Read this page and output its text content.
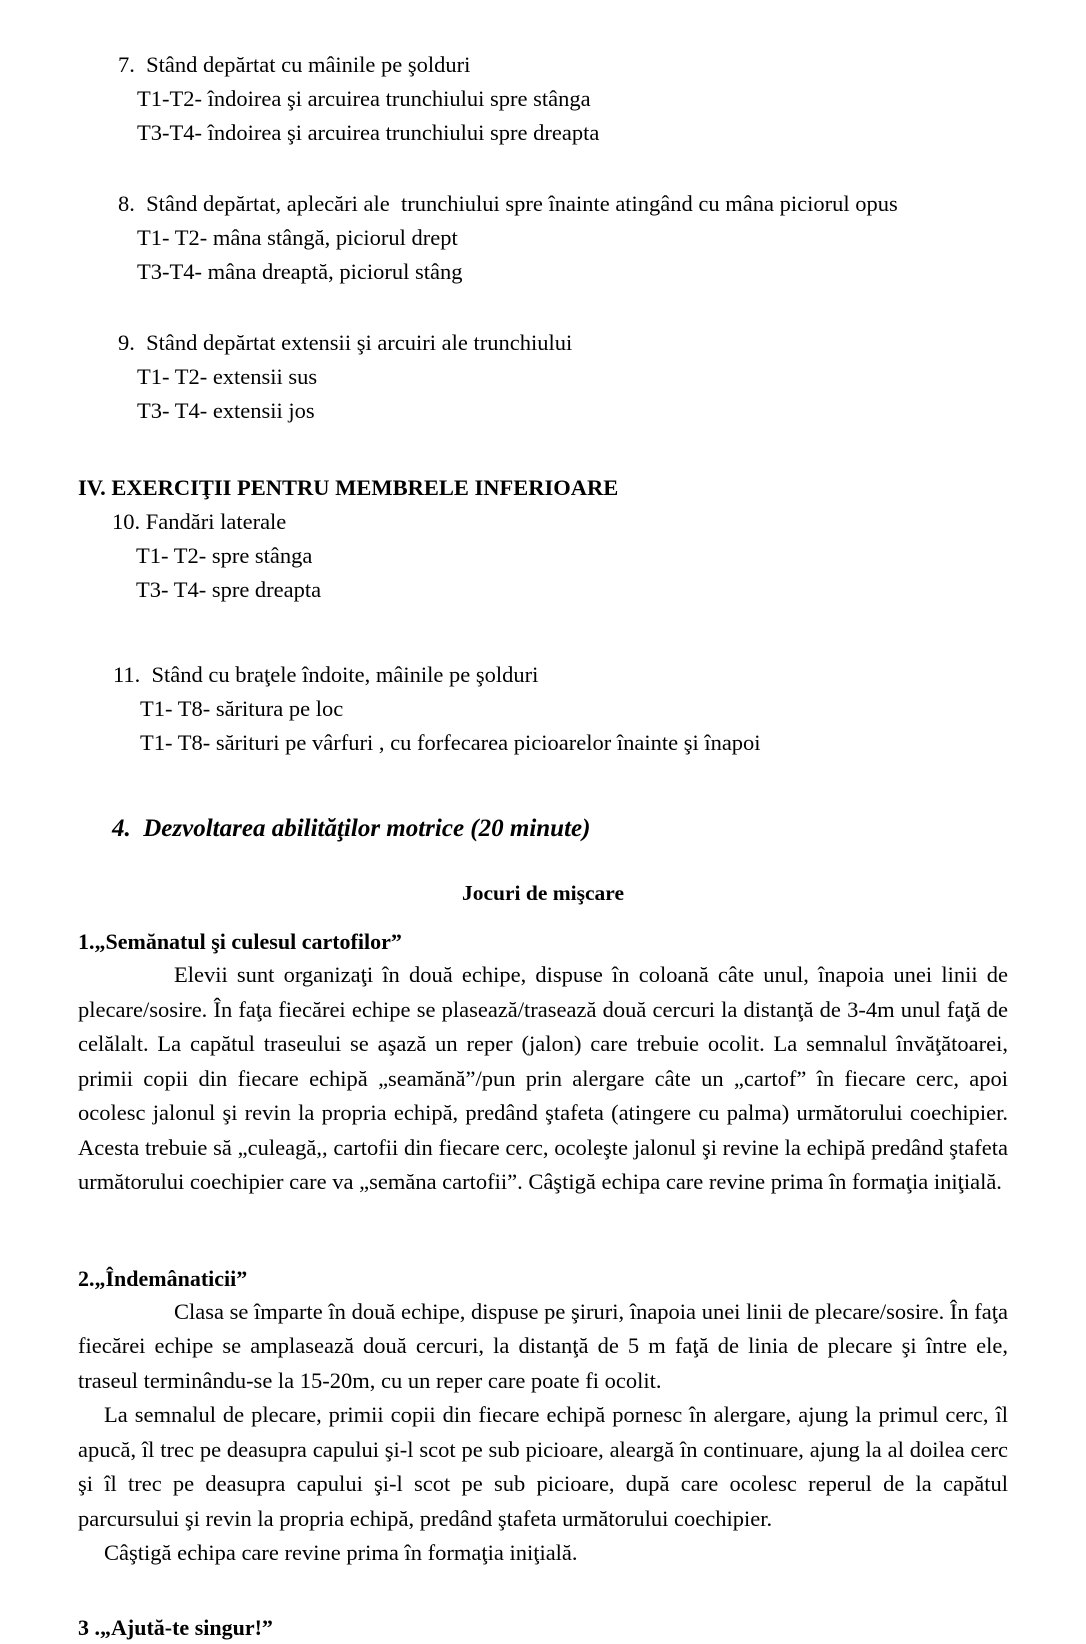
7.  Stând depărtat cu mâinile pe şolduri
T1-T2- îndoirea şi arcuirea trunchiului spre stânga
T3-T4- îndoirea şi arcuirea trunchiului spre dreapta
8.  Stând depărtat, aplecări ale  trunchiului spre înainte atingând cu mâna piciorul opus
T1- T2- mâna stângă, piciorul drept
T3-T4- mâna dreaptă, piciorul stâng
9.  Stând depărtat extensii şi arcuiri ale trunchiului
T1- T2- extensii sus
T3- T4- extensii jos
IV. EXERCIŢII PENTRU MEMBRELE INFERIOARE
10. Fandări laterale
T1- T2- spre stânga
T3- T4- spre dreapta
11.  Stând cu braţele îndoite, mâinile pe şolduri
T1- T8- săritura pe loc
T1- T8- sărituri pe vârfuri , cu forfecarea picioarelor înainte şi înapoi
4.  Dezvoltarea abilităţilor motrice (20 minute)
Jocuri de mişcare
1.„Semănatul şi culesul cartofilor”
Elevii sunt organizaţi în două echipe, dispuse în coloană câte unul, înapoia unei linii de plecare/sosire. În faţa fiecărei echipe se plasează/trasează două cercuri la distanţă de 3-4m unul faţă de celălalt. La capătul traseului se aşază un reper (jalon) care trebuie ocolit. La semnalul învăţătoarei, primii copii din fiecare echipă „seamănă”/pun prin alergare câte un „cartof” în fiecare cerc, apoi ocolesc jalonul şi revin la propria echipă, predând ştafeta (atingere cu palma) următorului coechipier. Acesta trebuie să „culeagă,, cartofii din fiecare cerc, ocoleşte jalonul şi revine la echipă predând ştafeta următorului coechipier care va „semăna cartofii”. Câştigă echipa care revine prima în formaţia iniţială.
2.„Îndemânaticii”
Clasa se împarte în două echipe, dispuse pe şiruri, înapoia unei linii de plecare/sosire. În faţa fiecărei echipe se amplasează două cercuri, la distanţă de 5 m faţă de linia de plecare şi între ele, traseul terminându-se la 15-20m, cu un reper care poate fi ocolit.
La semnalul de plecare, primii copii din fiecare echipă pornesc în alergare, ajung la primul cerc, îl apucă, îl trec pe deasupra capului şi-l scot pe sub picioare, aleargă în continuare, ajung la al doilea cerc şi îl trec pe deasupra capului şi-l scot pe sub picioare, după care ocolesc reperul de la capătul parcursului şi revin la propria echipă, predând ştafeta următorului coechipier.
Câştigă echipa care revine prima în formaţia iniţială.
3 .„Ajută-te singur!”
